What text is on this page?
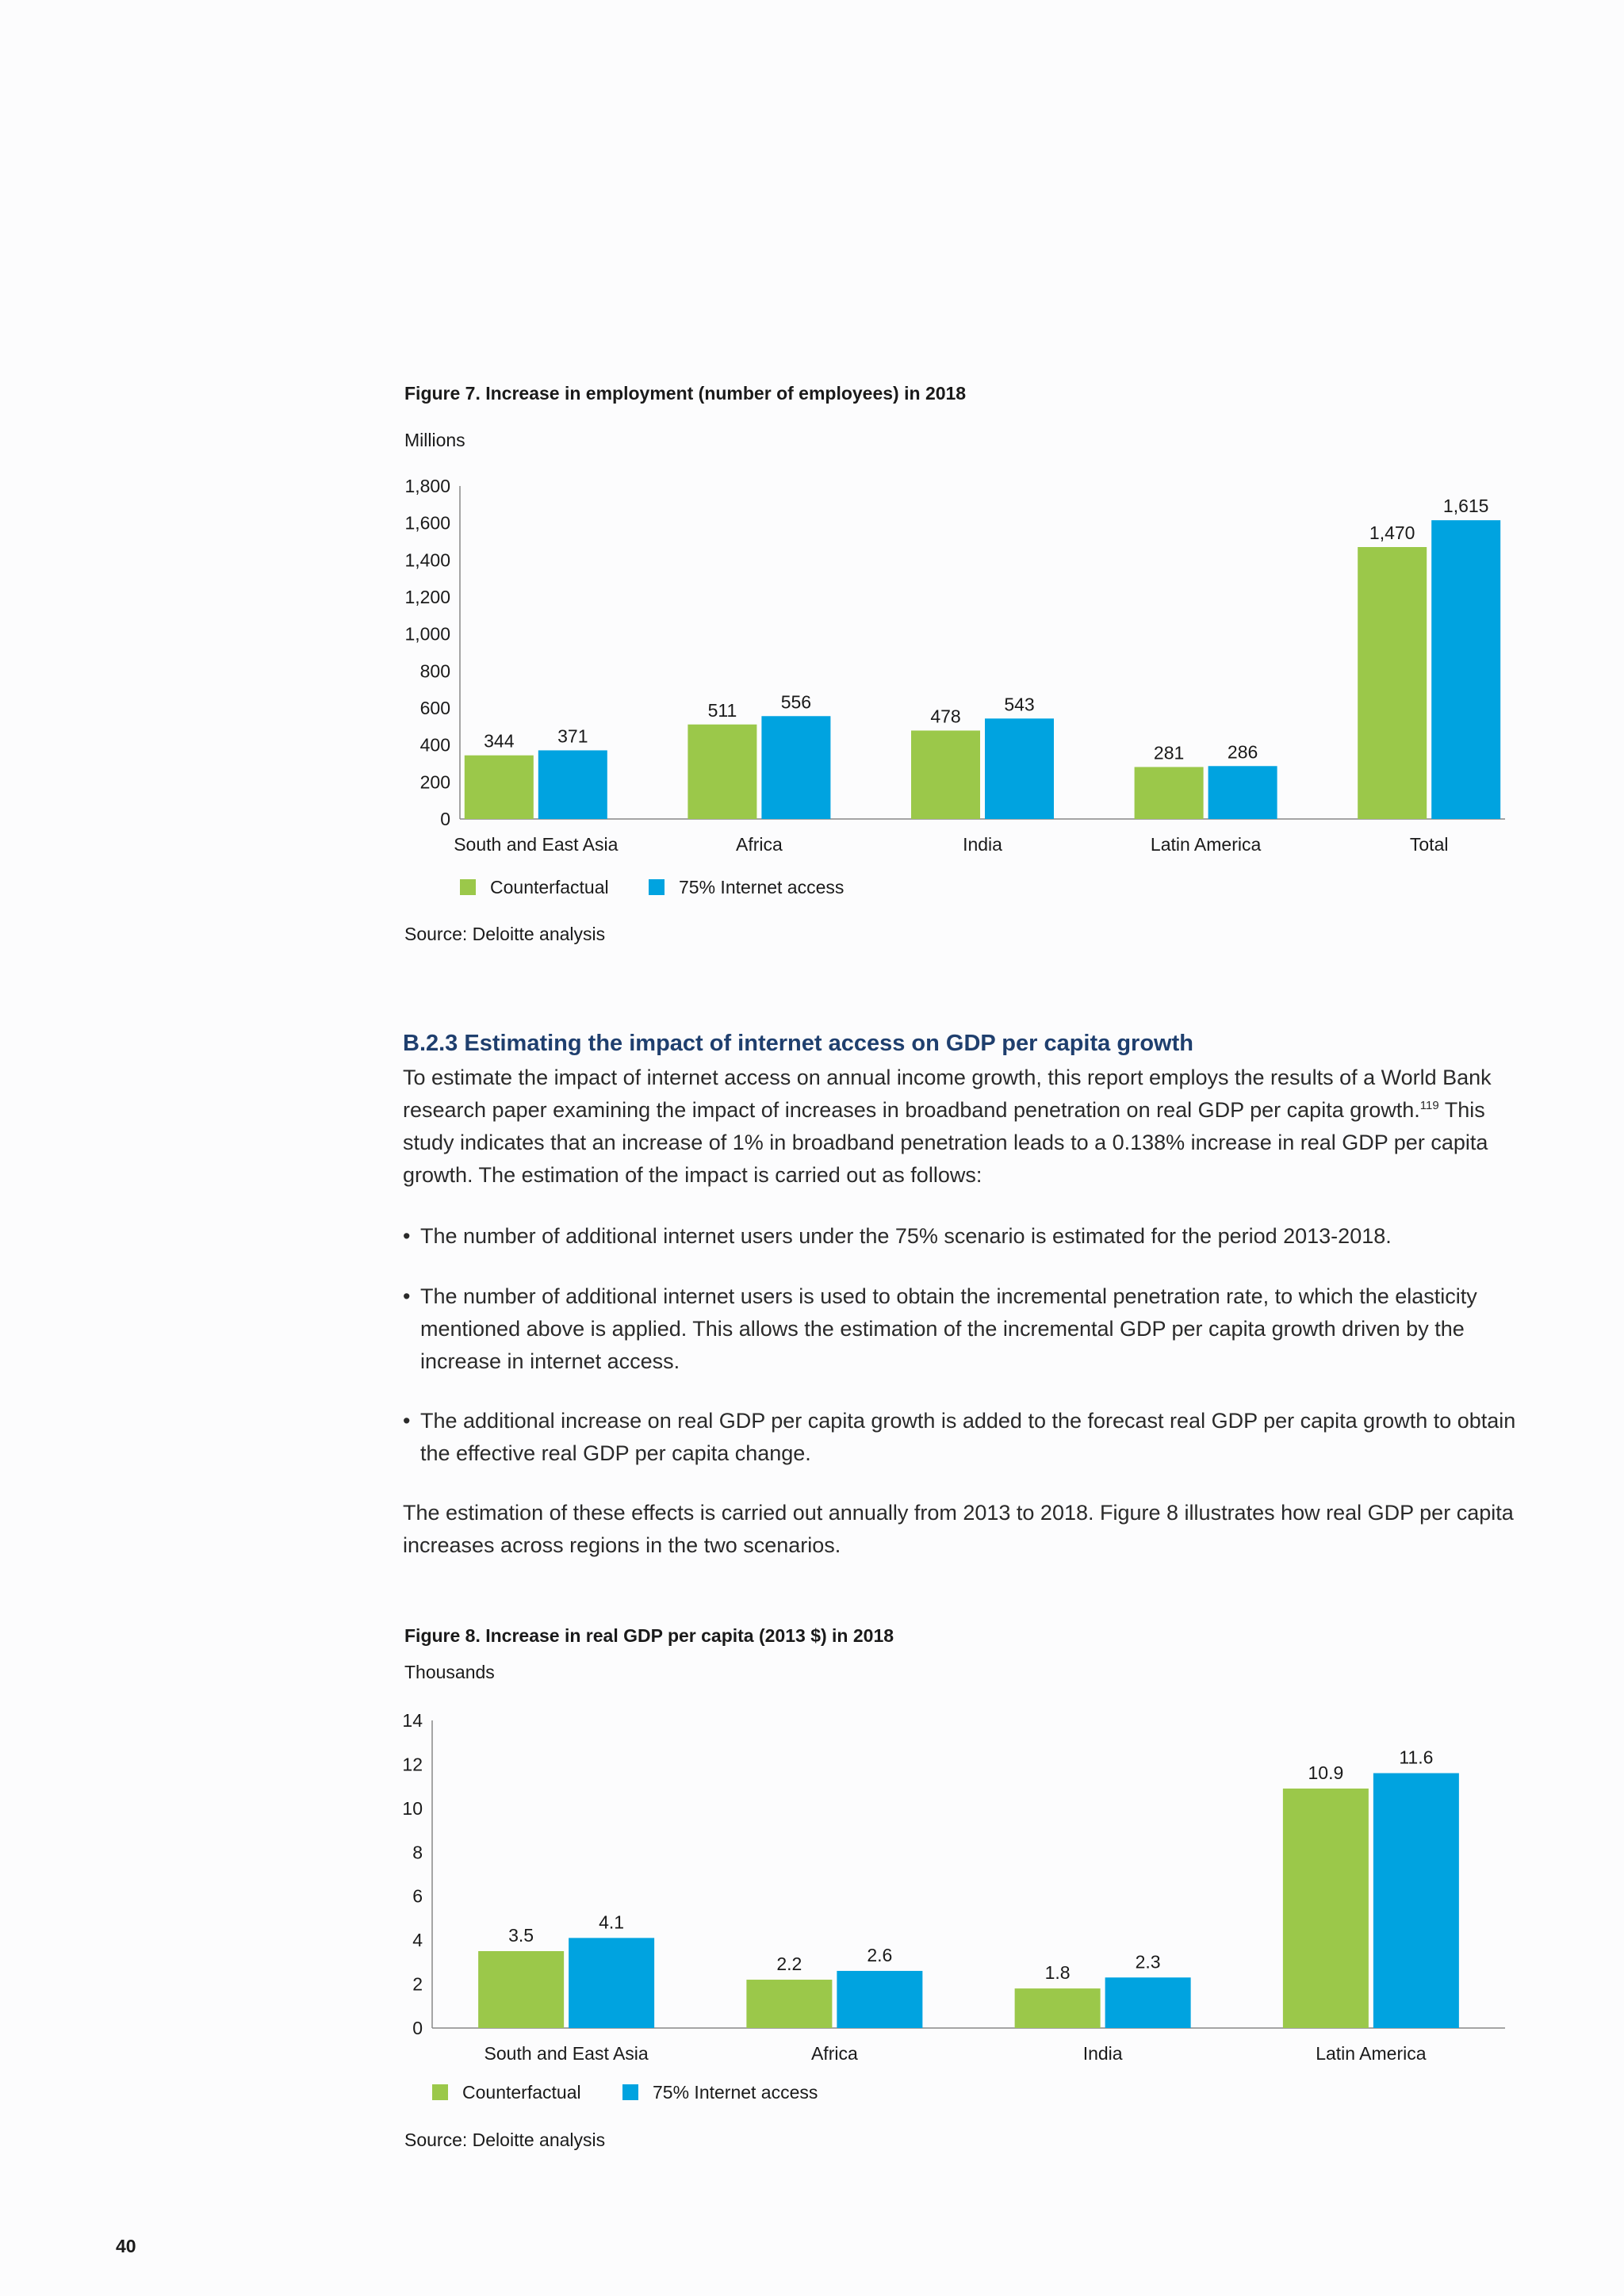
Figure 7. Increase in employment (number of employees) in 2018
Millions
0
200
400
600
800
1,000
1,200
1,400
1,600
1,800
344 371
South and East Asia
511 556
Africa
478
543
India
281 286
Latin America
1,470
1,615
Total
Counterfactual	75% Internet access
Source: Deloitte analysis
B.2.3 Estimating the impact of internet access on GDP per capita growth
To estimate the impact of internet access on annual income growth, this report employs the results of a World Bank research paper examining the impact of increases in broadband penetration on real GDP per capita growth.$^{119}$ This study indicates that an increase of 1% in broadband penetration leads to a 0.138% increase in real GDP per capita growth. The estimation of the impact is carried out as follows:
• The number of additional internet users under the 75% scenario is estimated for the period 2013-2018.
• The number of additional internet users is used to obtain the incremental penetration rate, to which the elasticity mentioned above is applied. This allows the estimation of the incremental GDP per capita growth driven by the increase in internet access.
• The additional increase on real GDP per capita growth is added to the forecast real GDP per capita growth to obtain the effective real GDP per capita change.
The estimation of these effects is carried out annually from 2013 to 2018. Figure 8 illustrates how real GDP per capita increases across regions in the two scenarios.
Figure 8. Increase in real GDP per capita (2013 $) in 2018
Thousands
0
2
4
6
8
10
12
14
3.5
4.1
South and East Asia
2.2	2.6
Africa
1.8
2.3
India
10.9
11.6
Latin America
Counterfactual	75% Internet access
Source: Deloitte analysis
40
